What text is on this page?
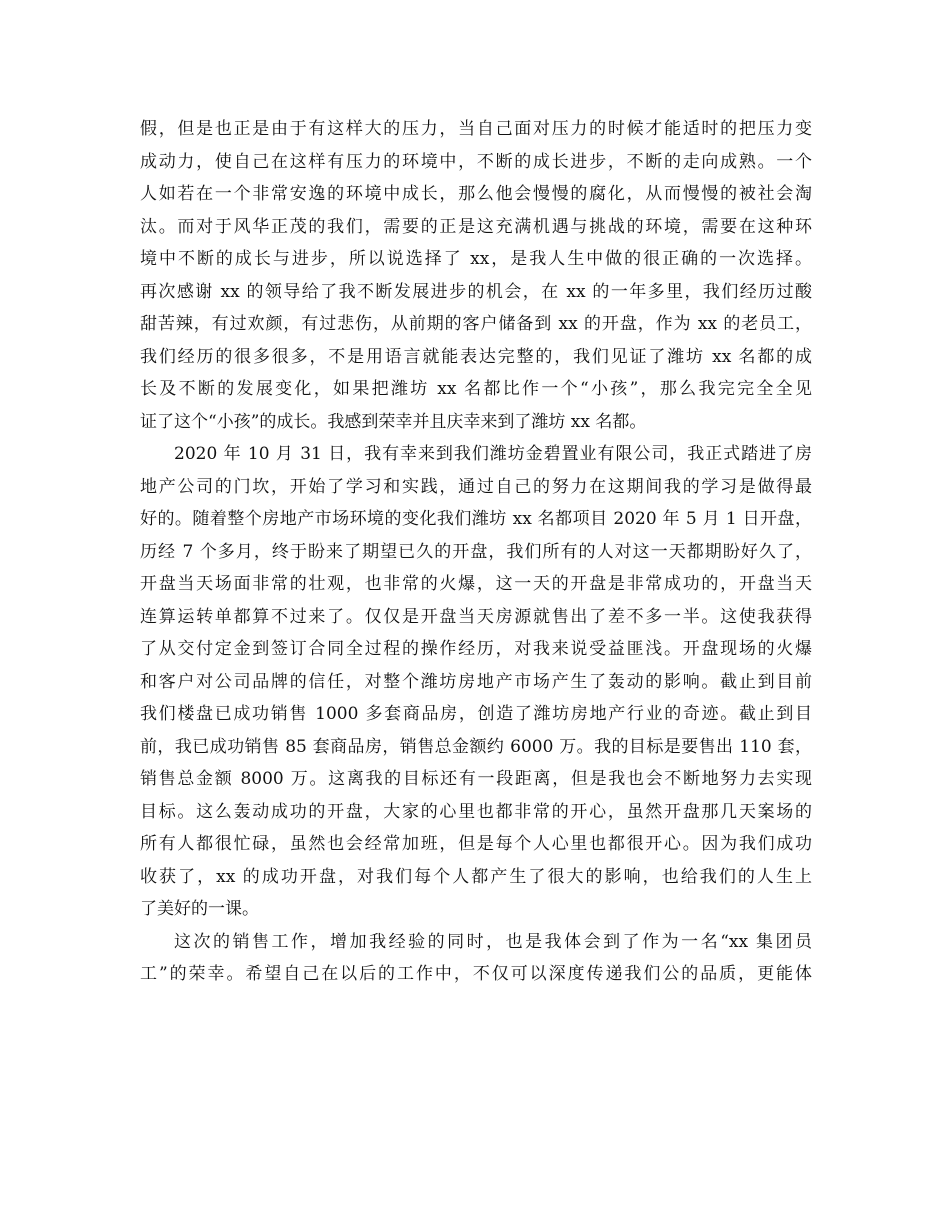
假，但是也正是由于有这样大的压力，当自己面对压力的时候才能适时的把压力变
成动力，使自己在这样有压力的环境中，不断的成长进步，不断的走向成熟。一个
人如若在一个非常安逸的环境中成长，那么他会慢慢的腐化，从而慢慢的被社会淘
汰。而对于风华正茂的我们，需要的正是这充满机遇与挑战的环境，需要在这种环
境中不断的成长与进步，所以说选择了 xx，是我人生中做的很正确的一次选择。
再次感谢 xx 的领导给了我不断发展进步的机会，在 xx 的一年多里，我们经历过酸
甜苦辣，有过欢颜，有过悲伤，从前期的客户储备到 xx 的开盘，作为 xx 的老员工，
我们经历的很多很多，不是用语言就能表达完整的，我们见证了潍坊 xx 名都的成
长及不断的发展变化，如果把潍坊 xx 名都比作一个“小孩”，那么我完完全全见
证了这个“小孩”的成长。我感到荣幸并且庆幸来到了潍坊 xx 名都。
2020 年 10 月 31 日，我有幸来到我们潍坊金碧置业有限公司，我正式踏进了房
地产公司的门坎，开始了学习和实践，通过自己的努力在这期间我的学习是做得最
好的。随着整个房地产市场环境的变化我们潍坊 xx 名都项目 2020 年 5 月 1 日开盘，
历经 7 个多月，终于盼来了期望已久的开盘，我们所有的人对这一天都期盼好久了，
开盘当天场面非常的壮观，也非常的火爆，这一天的开盘是非常成功的，开盘当天
连算运转单都算不过来了。仅仅是开盘当天房源就售出了差不多一半。这使我获得
了从交付定金到签订合同全过程的操作经历，对我来说受益匪浅。开盘现场的火爆
和客户对公司品牌的信任，对整个潍坊房地产市场产生了轰动的影响。截止到目前
我们楼盘已成功销售 1000 多套商品房，创造了潍坊房地产行业的奇迹。截止到目
前，我已成功销售 85 套商品房，销售总金额约 6000 万。我的目标是要售出 110 套，
销售总金额 8000 万。这离我的目标还有一段距离，但是我也会不断地努力去实现
目标。这么轰动成功的开盘，大家的心里也都非常的开心，虽然开盘那几天案场的
所有人都很忙碌，虽然也会经常加班，但是每个人心里也都很开心。因为我们成功
收获了，xx 的成功开盘，对我们每个人都产生了很大的影响，也给我们的人生上
了美好的一课。
这次的销售工作，增加我经验的同时，也是我体会到了作为一名“xx 集团员
工”的荣幸。希望自己在以后的工作中，不仅可以深度传递我们公的品质，更能体
